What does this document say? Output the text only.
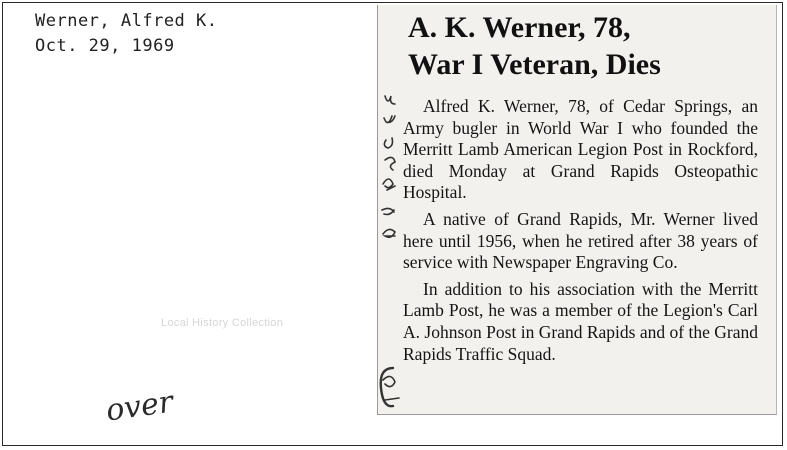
Werner, Alfred K.
Oct. 29, 1969
Local History Collection
over
A. K. Werner, 78,
War I Veteran, Dies

Alfred K. Werner, 78, of Cedar Springs, an Army bugler in World War I who founded the Merritt Lamb American Legion Post in Rockford, died Monday at Grand Rapids Osteopathic Hospital.

A native of Grand Rapids, Mr. Werner lived here until 1956, when he retired after 38 years of service with Newspaper Engraving Co.

In addition to his association with the Merritt Lamb Post, he was a member of the Legion's Carl A. Johnson Post in Grand Rapids and of the Grand Rapids Traffic Squad.
